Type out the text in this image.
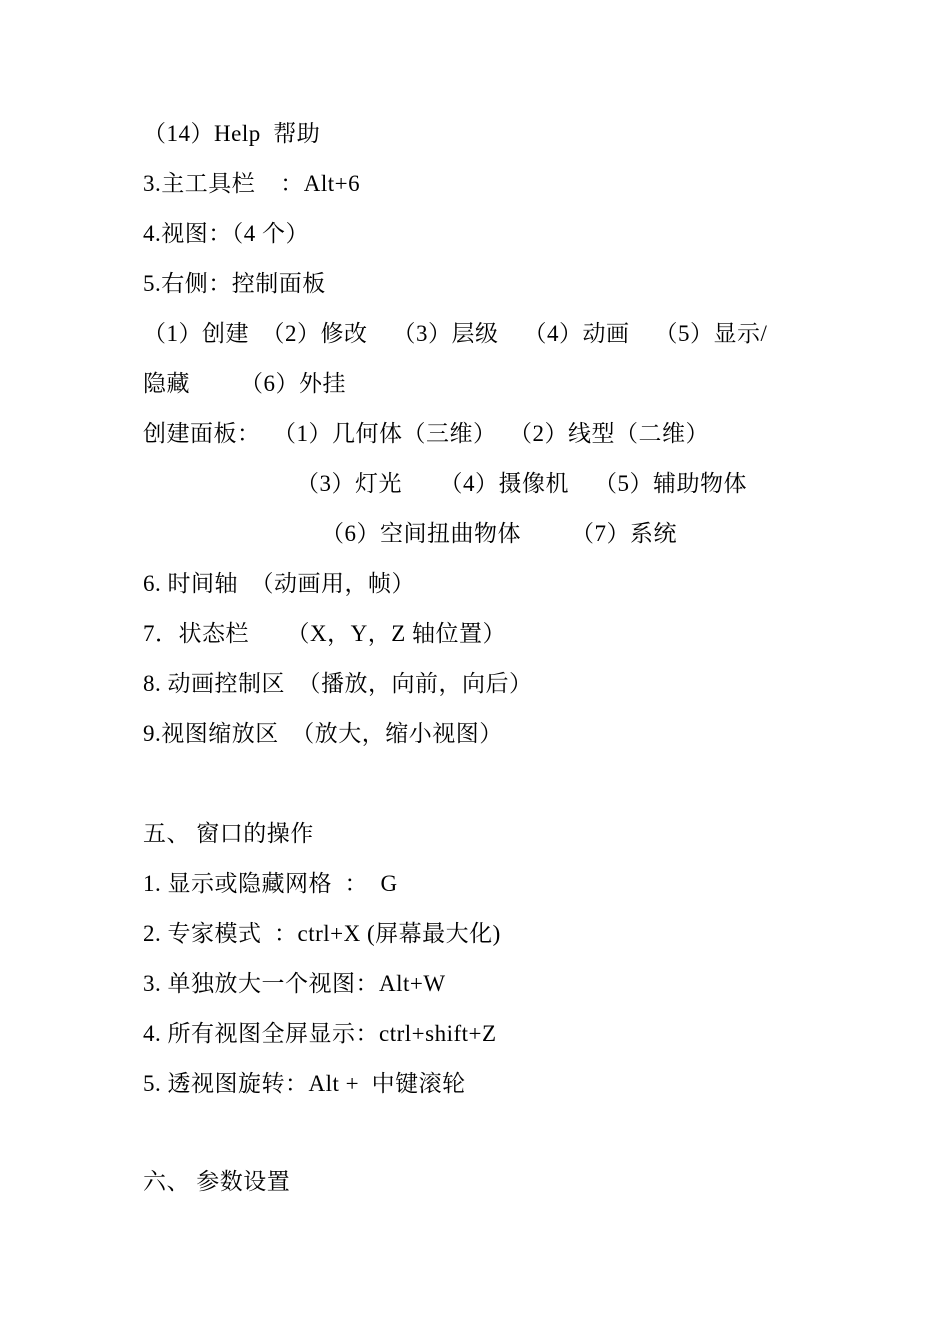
（14）Help  帮助
3.主工具栏    ：Alt+6
4.视图：（4 个）
5.右侧：控制面板
（1）创建  （2）修改    （3）层级    （4）动画    （5）显示/
隐藏        （6）外挂
创建面板：  （1）几何体（三维）  （2）线型（二维）
（3）灯光      （4）摄像机    （5）辅助物体
（6）空间扭曲物体        （7）系统
6. 时间轴  （动画用，帧）
7．状态栏      （X，Y，Z 轴位置）
8. 动画控制区  （播放，向前，向后）
9.视图缩放区  （放大，缩小视图）
五、 窗口的操作
1. 显示或隐藏网格  ：  G
2. 专家模式  ：ctrl+X (屏幕最大化)
3. 单独放大一个视图：Alt+W
4. 所有视图全屏显示：ctrl+shift+Z
5. 透视图旋转：Alt +  中键滚轮
六、 参数设置
